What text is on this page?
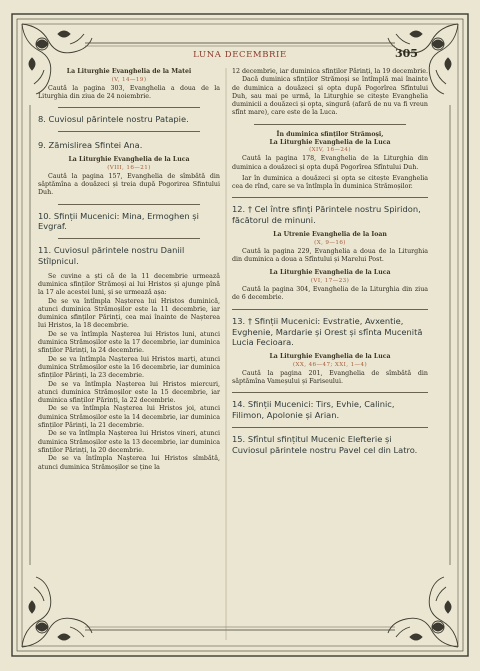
LUNA DECEMBRIE	305
La Liturghie Evanghelia de la Matei
(V, 14—19)

Caută la pagina 303, Evanghelia a doua de la Liturghia din ziua de 24 noiembrie.

8. Cuviosul părintele nostru Patapie.
9. Zămislirea Sfintei Ana.
La Liturghie Evanghelia de la Luca
(VIII, 16—21)

Caută la pagina 157, Evanghelia de sîmbătă din săptămîna a douăzeci și treia după Pogorirea Sfintului Duh.

10. Sfinții Mucenici: Mina, Ermoghen și Evgraf.
11. Cuviosul părintele nostru Daniil Stîlpnicul.

Se cuvine a ști că de la 11 decembrie urmează duminica sfinților Strămoși ai lui Hristos și ajunge pînă la 17 ale acestei luni, și se urmează așa:

De se va întîmpla Nașterea lui Hristos duminică, atunci duminica Strămoșilor este la 11 decembrie, iar duminica sfinților Părinți, cea mai înainte de Nașterea lui Hristos, la 18 decembrie.

De se va întîmpla Nașterea lui Hristos luni, atunci duminica Strămoșilor este la 17 decembrie, iar duminica sfinților Părinți, la 24 decembrie.

De se va întîmpla Nașterea lui Hristos marți, atunci duminica Strămoșilor este la 16 decembrie, iar duminica sfinților Părinți, la 23 decembrie.

De se va întîmpla Nașterea lui Hristos miercuri, atunci duminica Strămoșilor este la 15 decembrie, iar duminica sfinților Părinți, la 22 decembrie.

De se va întîmpla Nașterea lui Hristos joi, atunci duminica Strămoșilor este la 14 decembrie, iar duminica sfinților Părinți, la 21 decembrie.

De se va întîmpla Nașterea lui Hristos vineri, atunci duminica Strămoșilor este la 13 decembrie, iar duminica sfinților Părinți, la 20 decembrie.

De se va întîmpla Nașterea lui Hristos sîmbătă, atunci duminica Strămoșilor se ține la

12 decembrie, iar duminica sfinților Părinți, la 19 decembrie.

Dacă duminica sfinților Strămoși se întîmplă mai înainte de duminica a douăzeci și opta după Pogorîrea Sfîntului Duh, sau mai pe urmă, la Liturghie se citește Evanghelia duminicii a douăzeci și opta, singură (afară de nu va fi vreun sfînt mare), care este de la Luca.

În duminica sfinților Strămoși,
La Liturghie Evanghelia de la Luca
(XIV, 16—24)

Caută la pagina 178, Evanghelia de la Liturghia din duminica a douăzeci și opta după Pogorîrea Sfîntului Duh.

Iar în duminica a douăzeci și opta se citește Evanghelia cea de rînd, care se va întîmpla în duminica Strămoșilor.

12. † Cel între sfinți Părintele nostru Spiridon, făcătorul de minuni.
La Utrenie Evanghelia de la Ioan
(X, 9—16)

Caută la pagina 229, Evanghelia a doua de la Liturghia din duminica a doua a Sfîntului și Marelui Post.

La Liturghie Evanghelia de la Luca
(VI, 17—23)

Caută la pagina 304, Evanghelia de la Liturghia din ziua de 6 decembrie.

13. † Sfinții Mucenici: Evstratie, Avxentie, Evghenie, Mardarie și Orest și sfînta Mucenită Lucia Fecioara.
La Liturghie Evanghelia de la Luca
(XX, 46—47; XXI, 1—4)

Caută la pagina 201, Evanghelia de sîmbătă din săptămîna Vameșului și Fariseului.

14. Sfinții Mucenici: Tirs, Evhie, Calinic, Filimon, Apolonie și Arian.
15. Sfîntul sfințitul Mucenic Elefterie și Cuviosul părintele nostru Pavel cel din Latro.
